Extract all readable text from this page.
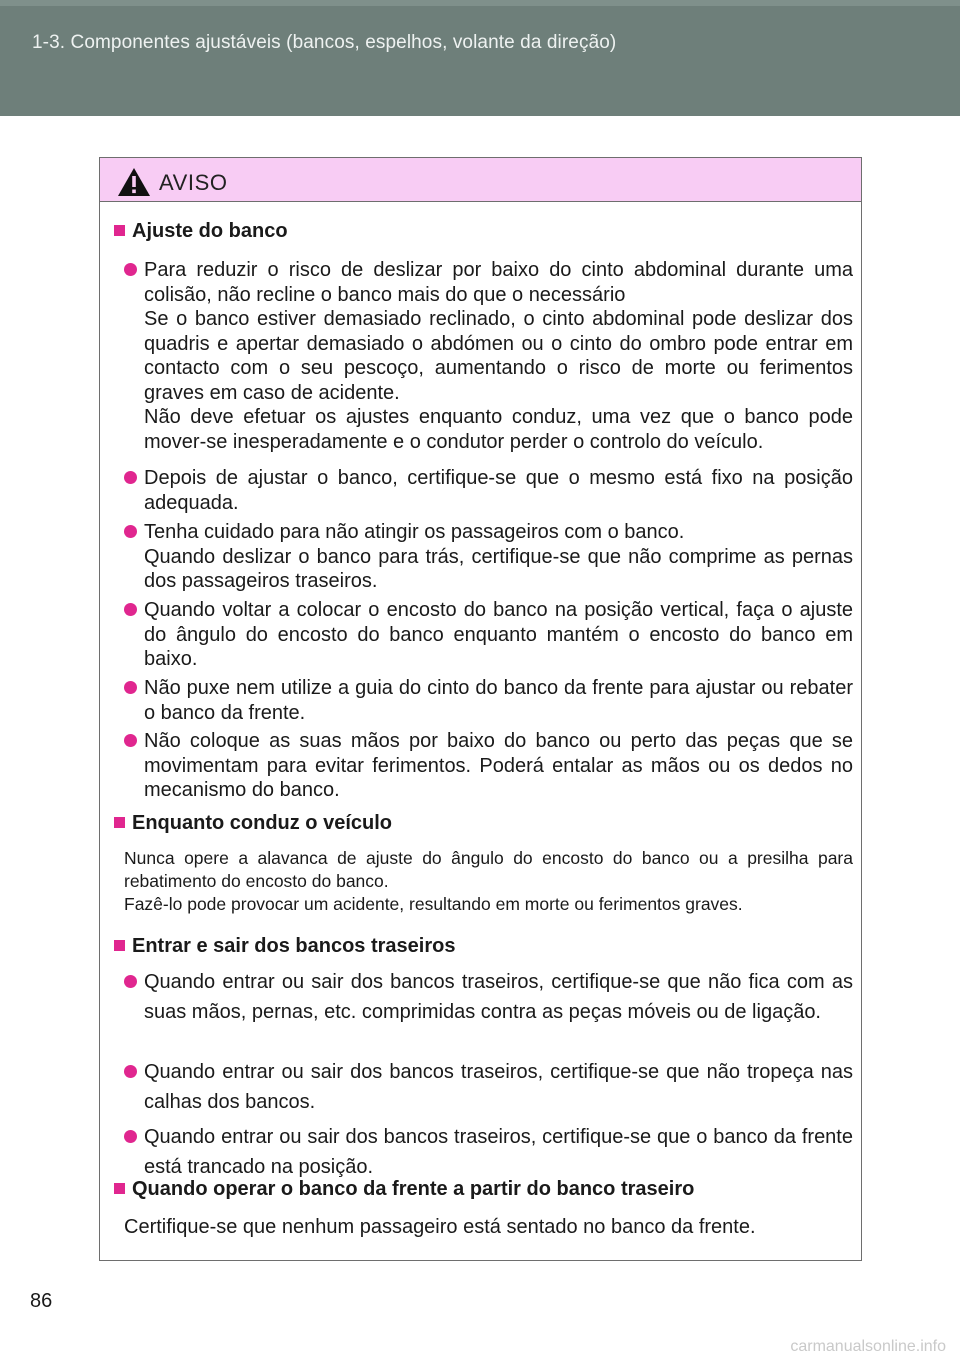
1-3. Componentes ajustáveis (bancos, espelhos, volante da direção)
AVISO
Ajuste do banco
Para reduzir o risco de deslizar por baixo do cinto abdominal durante uma colisão, não recline o banco mais do que o necessário
Se o banco estiver demasiado reclinado, o cinto abdominal pode deslizar dos quadris e apertar demasiado o abdómen ou o cinto do ombro pode entrar em contacto com o seu pescoço, aumentando o risco de morte ou ferimentos graves em caso de acidente.
Não deve efetuar os ajustes enquanto conduz, uma vez que o banco pode mover-se inesperadamente e o condutor perder o controlo do veículo.
Depois de ajustar o banco, certifique-se que o mesmo está fixo na posição adequada.
Tenha cuidado para não atingir os passageiros com o banco.
Quando deslizar o banco para trás, certifique-se que não comprime as pernas dos passageiros traseiros.
Quando voltar a colocar o encosto do banco na posição vertical, faça o ajuste do ângulo do encosto do banco enquanto mantém o encosto do banco em baixo.
Não puxe nem utilize a guia do cinto do banco da frente para ajustar ou rebater o banco da frente.
Não coloque as suas mãos por baixo do banco ou perto das peças que se movimentam para evitar ferimentos. Poderá entalar as mãos ou os dedos no mecanismo do banco.
Enquanto conduz o veículo
Nunca opere a alavanca de ajuste do ângulo do encosto do banco ou a presilha para rebatimento do encosto do banco.
Fazê-lo pode provocar um acidente, resultando em morte ou ferimentos graves.
Entrar e sair dos bancos traseiros
Quando entrar ou sair dos bancos traseiros, certifique-se que não fica com as suas mãos, pernas, etc. comprimidas contra as peças móveis ou de ligação.
Quando entrar ou sair dos bancos traseiros, certifique-se que não tropeça nas calhas dos bancos.
Quando entrar ou sair dos bancos traseiros, certifique-se que o banco da frente está trancado na posição.
Quando operar o banco da frente a partir do banco traseiro
Certifique-se que nenhum passageiro está sentado no banco da frente.
86
carmanualsonline.info
